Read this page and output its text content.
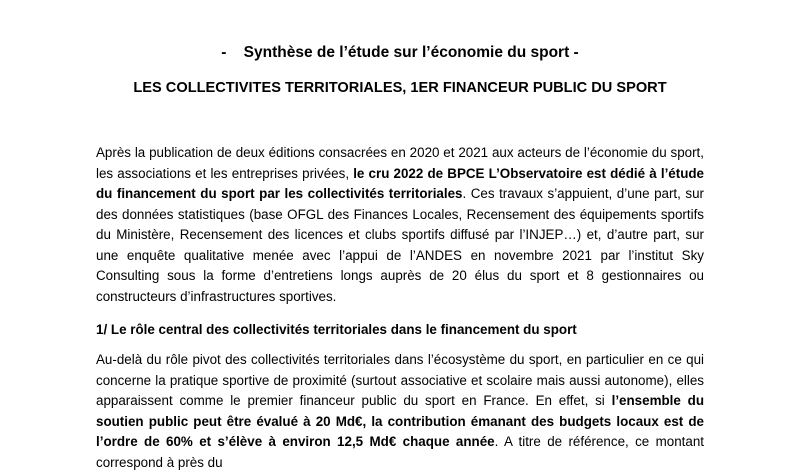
-    Synthèse de l’étude sur l’économie du sport -
LES COLLECTIVITES TERRITORIALES, 1ER FINANCEUR PUBLIC DU SPORT

Après la publication de deux éditions consacrées en 2020 et 2021 aux acteurs de l’économie du sport, les associations et les entreprises privées, le cru 2022 de BPCE L’Observatoire est dédié à l’étude du financement du sport par les collectivités territoriales. Ces travaux s’appuient, d’une part, sur des données statistiques (base OFGL des Finances Locales, Recensement des équipements sportifs du Ministère, Recensement des licences et clubs sportifs diffusé par l’INJEP…) et, d’autre part, sur une enquête qualitative menée avec l’appui de l’ANDES en novembre 2021 par l’institut Sky Consulting sous la forme d’entretiens longs auprès de 20 élus du sport et 8 gestionnaires ou constructeurs d’infrastructures sportives.

1/ Le rôle central des collectivités territoriales dans le financement du sport

Au-delà du rôle pivot des collectivités territoriales dans l’écosystème du sport, en particulier en ce qui concerne la pratique sportive de proximité (surtout associative et scolaire mais aussi autonome), elles apparaissent comme le premier financeur public du sport en France. En effet, si l’ensemble du soutien public peut être évalué à 20 Md€, la contribution émanant des budgets locaux est de l’ordre de 60% et s’élève à environ 12,5 Md€ chaque année. A titre de référence, ce montant correspond à près du
